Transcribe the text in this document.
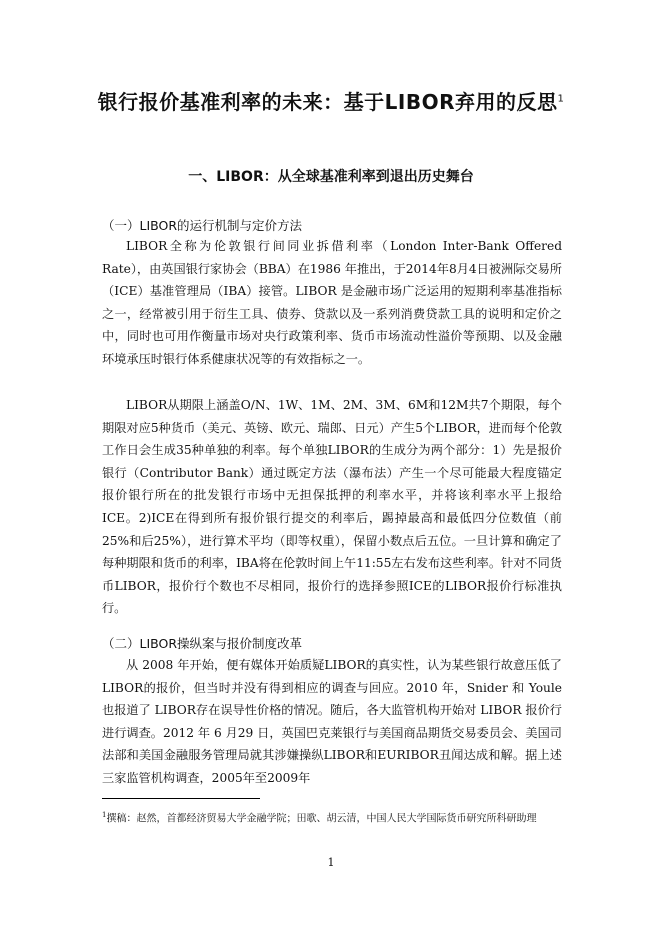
银行报价基准利率的未来：基于LIBOR弃用的反思$^1$
一、LIBOR：从全球基准利率到退出历史舞台
（一）LIBOR的运行机制与定价方法

LIBOR全称为伦敦银行间同业拆借利率（London Inter-Bank Offered Rate），由英国银行家协会（BBA）在1986 年推出，于2014年8月4日被洲际交易所（ICE）基准管理局（IBA）接管。LIBOR 是金融市场广泛运用的短期利率基准指标之一，经常被引用于衍生工具、债券、贷款以及一系列消费贷款工具的说明和定价之中，同时也可用作衡量市场对央行政策利率、货币市场流动性溢价等预期、以及金融环境承压时银行体系健康状况等的有效指标之一。

LIBOR从期限上涵盖O/N、1W、1M、2M、3M、6M和12M共7个期限，每个期限对应5种货币（美元、英镑、欧元、瑞郎、日元）产生5个LIBOR，进而每个伦敦工作日会生成35种单独的利率。每个单独LIBOR的生成分为两个部分：1）先是报价银行（Contributor Bank）通过既定方法（瀑布法）产生一个尽可能最大程度锚定报价银行所在的批发银行市场中无担保抵押的利率水平，并将该利率水平上报给ICE。2)ICE在得到所有报价银行提交的利率后，踢掉最高和最低四分位数值（前25%和后25%），进行算术平均（即等权重），保留小数点后五位。一旦计算和确定了每种期限和货币的利率，IBA将在伦敦时间上午11:55左右发布这些利率。针对不同货币LIBOR，报价行个数也不尽相同，报价行的选择参照ICE的LIBOR报价行标准执行。

（二）LIBOR操纵案与报价制度改革

从 2008 年开始，便有媒体开始质疑LIBOR的真实性，认为某些银行故意压低了 LIBOR的报价，但当时并没有得到相应的调查与回应。2010 年，Snider 和 Youle 也报道了 LIBOR存在误导性价格的情况。随后，各大监管机构开始对 LIBOR 报价行进行调查。2012 年 6 月29 日，英国巴克莱银行与美国商品期货交易委员会、美国司法部和美国金融服务管理局就其涉嫌操纵LIBOR和EURIBOR丑闻达成和解。据上述三家监管机构调查，2005年至2009年

$^1$撰稿：赵然，首都经济贸易大学金融学院；田歌、胡云清，中国人民大学国际货币研究所科研助理

1
